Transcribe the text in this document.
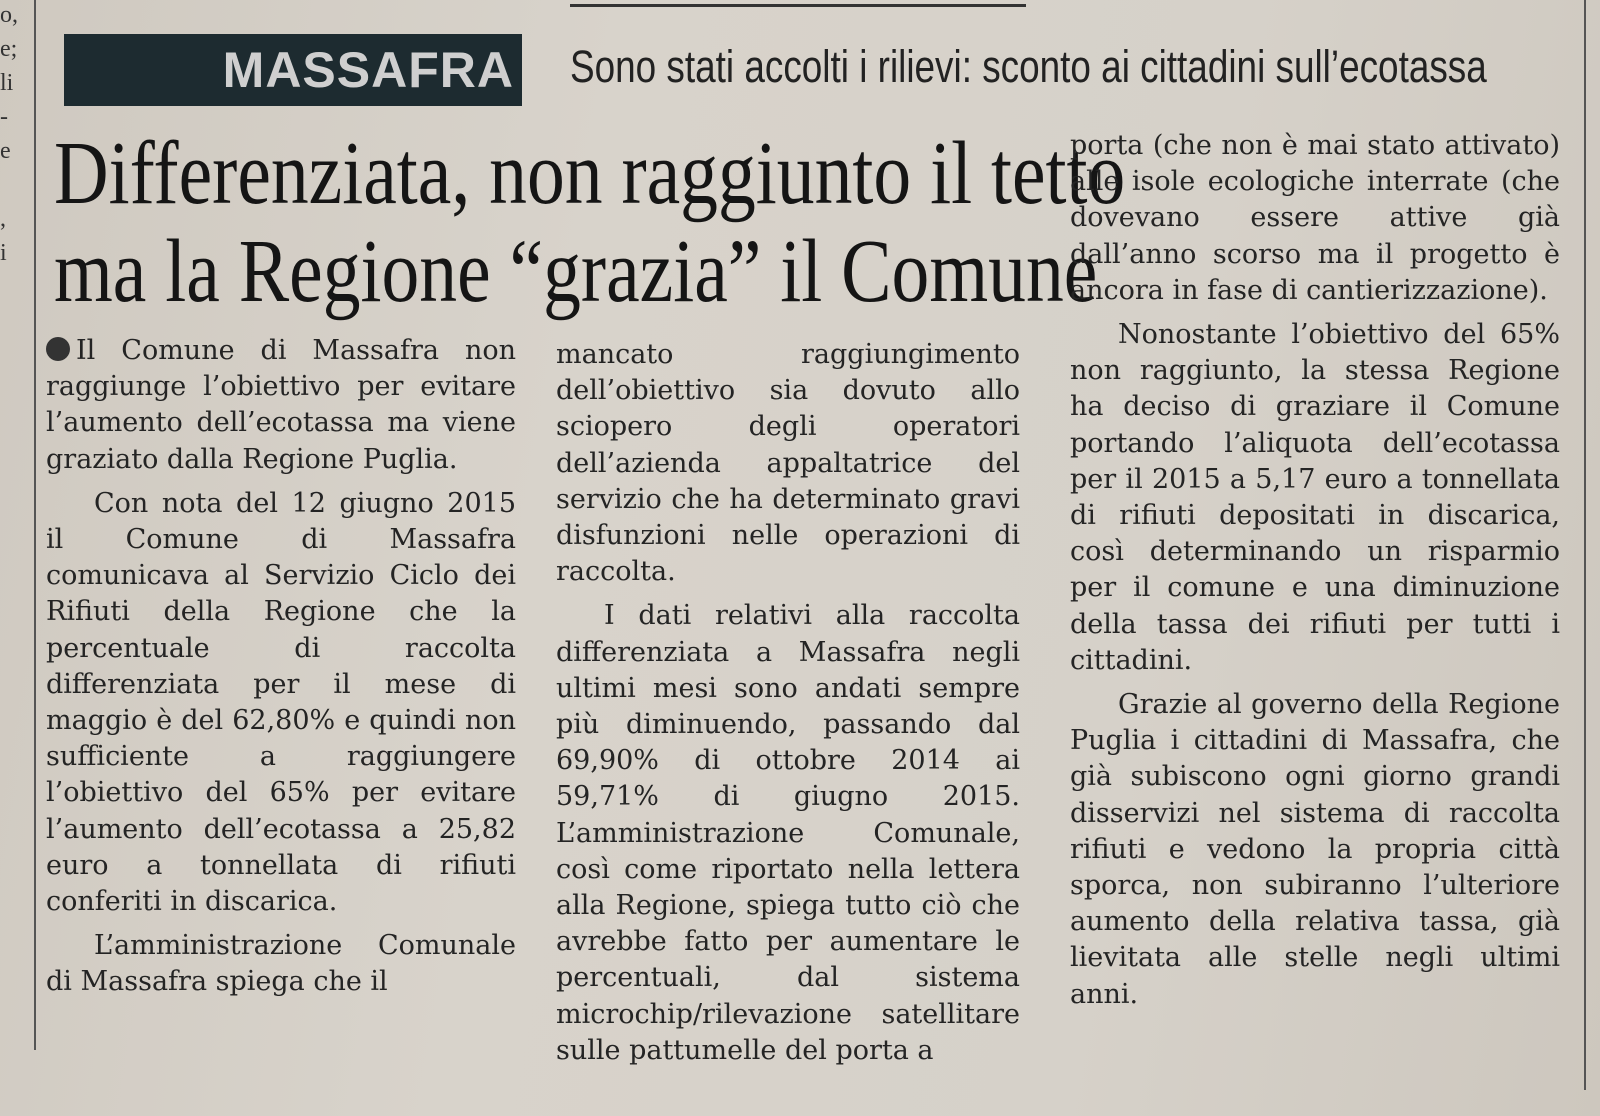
o,
e;
li
-
e
,
i
MASSAFRA Sono stati accolti i rilievi: sconto ai cittadini sull’ecotassa
Differenziata, non raggiunto il tetto
ma la Regione “grazia” il Comune

Il Comune di Massafra non raggiunge l’obiettivo per evitare l’aumento dell’ecotassa ma viene graziato dalla Regione Puglia.

Con nota del 12 giugno 2015 il Comune di Massafra comunicava al Servizio Ciclo dei Rifiuti della Regione che la percentuale di raccolta differenziata per il mese di maggio è del 62,80% e quindi non sufficiente a raggiungere l’obiettivo del 65% per evitare l’aumento dell’ecotassa a 25,82 euro a tonnellata di rifiuti conferiti in discarica.

L’amministrazione Comunale di Massafra spiega che il

mancato raggiungimento dell’obiettivo sia dovuto allo sciopero degli operatori dell’azienda appaltatrice del servizio che ha determinato gravi disfunzioni nelle operazioni di raccolta.

I dati relativi alla raccolta differenziata a Massafra negli ultimi mesi sono andati sempre più diminuendo, passando dal 69,90% di ottobre 2014 ai 59,71% di giugno 2015. L’amministrazione Comunale, così come riportato nella lettera alla Regione, spiega tutto ciò che avrebbe fatto per aumentare le percentuali, dal sistema microchip/rilevazione satellitare sulle pattumelle del porta a

porta (che non è mai stato attivato) alle isole ecologiche interrate (che dovevano essere attive già dall’anno scorso ma il progetto è ancora in fase di cantierizzazione).

Nonostante l’obiettivo del 65% non raggiunto, la stessa Regione ha deciso di graziare il Comune portando l’aliquota dell’ecotassa per il 2015 a 5,17 euro a tonnellata di rifiuti depositati in discarica, così determinando un risparmio per il comune e una diminuzione della tassa dei rifiuti per tutti i cittadini.

Grazie al governo della Regione Puglia i cittadini di Massafra, che già subiscono ogni giorno grandi disservizi nel sistema di raccolta rifiuti e vedono la propria città sporca, non subiranno l’ulteriore aumento della relativa tassa, già lievitata alle stelle negli ultimi anni.
